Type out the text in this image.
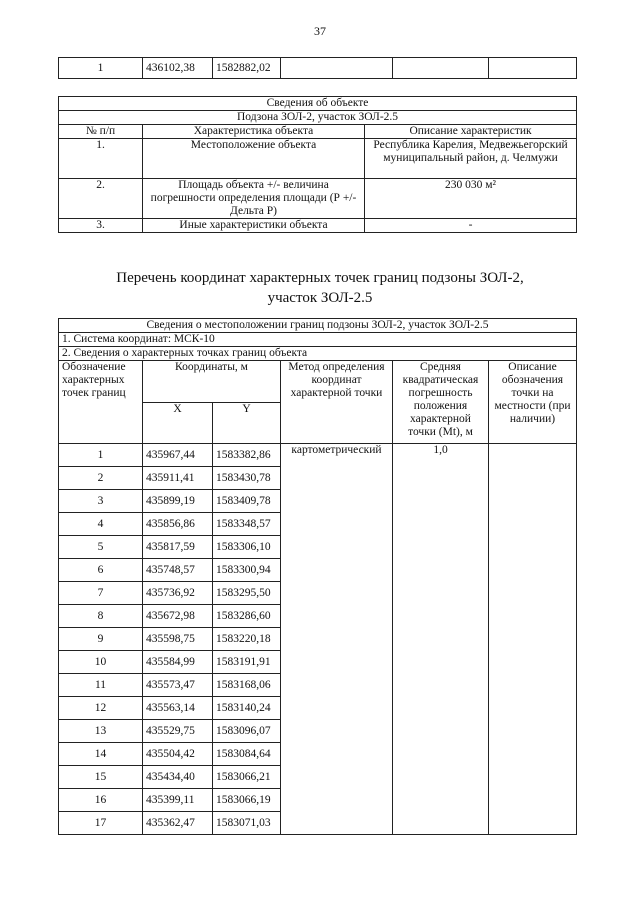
37
1	436102,38	1582882,02			
Сведения об объекте		
Подзона ЗОЛ-2, участок ЗОЛ-2.5		
№ п/п	Характеристика объекта	Описание характеристик
1.	Местоположение объекта	Республика Карелия, Медвежьегорский муниципальный район, д. Челмужи
2.	Площадь объекта +/- величина погрешности определения площади (Р +/- Дельта Р)	230 030 м²
3.	Иные характеристики объекта	-
Перечень координат характерных точек границ подзоны ЗОЛ-2,
участок ЗОЛ-2.5
Сведения о местоположении границ подзоны ЗОЛ-2, участок ЗОЛ-2.5					
1. Система координат: МСК-10					
2. Сведения о характерных точках границ объекта					
Обозначение характерных точек границ	Координаты, м		Метод определения координат характерной точки	Средняя квадратическая погрешность положения характерной точки (Mt), м	Описание обозначения точки на местности (при наличии)
	X	Y			
1	435967,44	1583382,86	картометрический	1,0	
2	435911,41	1583430,78			
3	435899,19	1583409,78			
4	435856,86	1583348,57			
5	435817,59	1583306,10			
6	435748,57	1583300,94			
7	435736,92	1583295,50			
8	435672,98	1583286,60			
9	435598,75	1583220,18			
10	435584,99	1583191,91			
11	435573,47	1583168,06			
12	435563,14	1583140,24			
13	435529,75	1583096,07			
14	435504,42	1583084,64			
15	435434,40	1583066,21			
16	435399,11	1583066,19			
17	435362,47	1583071,03			
